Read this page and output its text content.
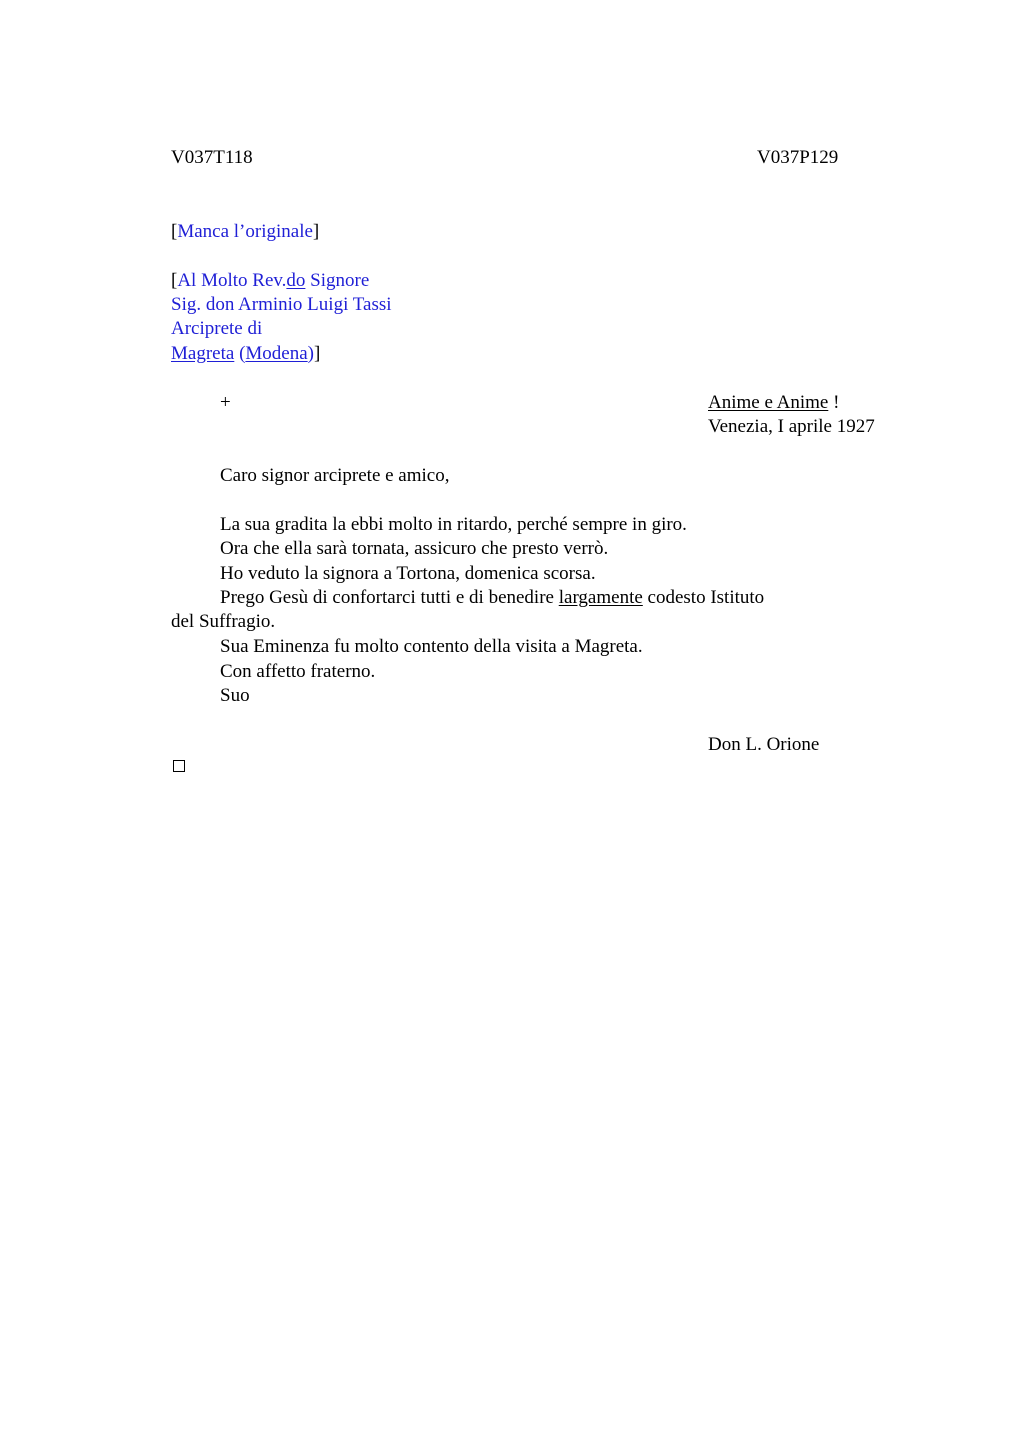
V037T118	V037P129
[Manca l’originale]
[Al Molto Rev.do Signore
Sig. don Arminio Luigi Tassi
Arciprete di
Magreta (Modena)]
+	Anime e Anime !
Venezia, I aprile 1927
Caro signor arciprete e amico,
La sua gradita la ebbi molto in ritardo, perché sempre in giro.
Ora che ella sarà tornata, assicuro che presto verrò.
Ho veduto la signora a Tortona, domenica scorsa.
Prego Gesù di confortarci tutti e di benedire largamente codesto Istituto
del Suffragio.
Sua Eminenza fu molto contento della visita a Magreta.
Con affetto fraterno.
Suo
Don L. Orione
